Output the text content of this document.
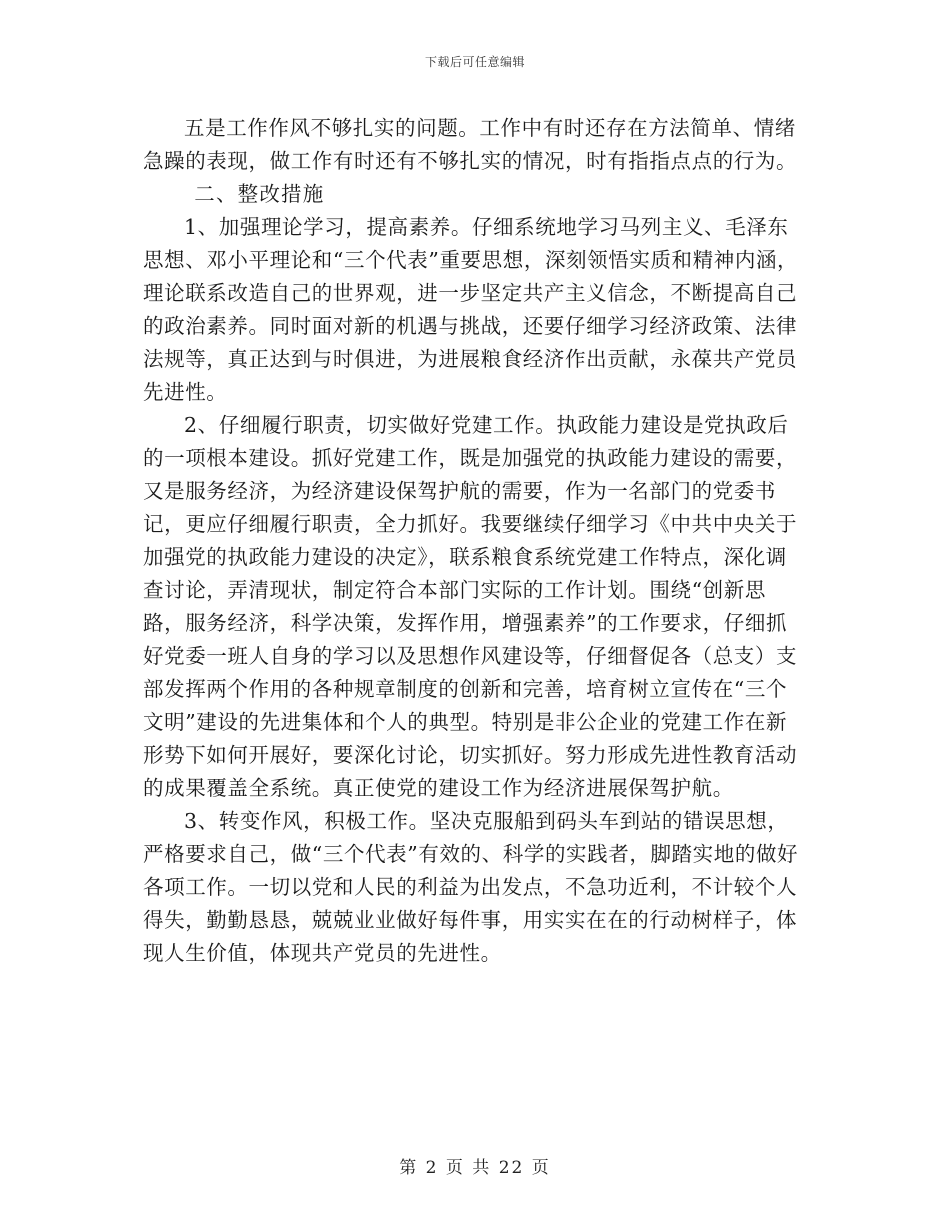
下载后可任意编辑

五是工作作风不够扎实的问题。工作中有时还存在方法简单、情绪急躁的表现，做工作有时还有不够扎实的情况，时有指指点点的行为。

二、整改措施

1、加强理论学习，提高素养。仔细系统地学习马列主义、毛泽东思想、邓小平理论和“三个代表”重要思想，深刻领悟实质和精神内涵，理论联系改造自己的世界观，进一步坚定共产主义信念，不断提高自己的政治素养。同时面对新的机遇与挑战，还要仔细学习经济政策、法律法规等，真正达到与时俱进，为进展粮食经济作出贡献，永葆共产党员先进性。

2、仔细履行职责，切实做好党建工作。执政能力建设是党执政后的一项根本建设。抓好党建工作，既是加强党的执政能力建设的需要，又是服务经济，为经济建设保驾护航的需要，作为一名部门的党委书记，更应仔细履行职责，全力抓好。我要继续仔细学习《中共中央关于加强党的执政能力建设的决定》，联系粮食系统党建工作特点，深化调查讨论，弄清现状，制定符合本部门实际的工作计划。围绕“创新思路，服务经济，科学决策，发挥作用，增强素养”的工作要求，仔细抓好党委一班人自身的学习以及思想作风建设等，仔细督促各（总支）支部发挥两个作用的各种规章制度的创新和完善，培育树立宣传在“三个文明”建设的先进集体和个人的典型。特别是非公企业的党建工作在新形势下如何开展好，要深化讨论，切实抓好。努力形成先进性教育活动的成果覆盖全系统。真正使党的建设工作为经济进展保驾护航。

3、转变作风，积极工作。坚决克服船到码头车到站的错误思想，严格要求自己，做“三个代表”有效的、科学的实践者，脚踏实地的做好各项工作。一切以党和人民的利益为出发点，不急功近利，不计较个人得失，勤勤恳恳，兢兢业业做好每件事，用实实在在的行动树样子，体现人生价值，体现共产党员的先进性。

第 2 页 共 22 页
